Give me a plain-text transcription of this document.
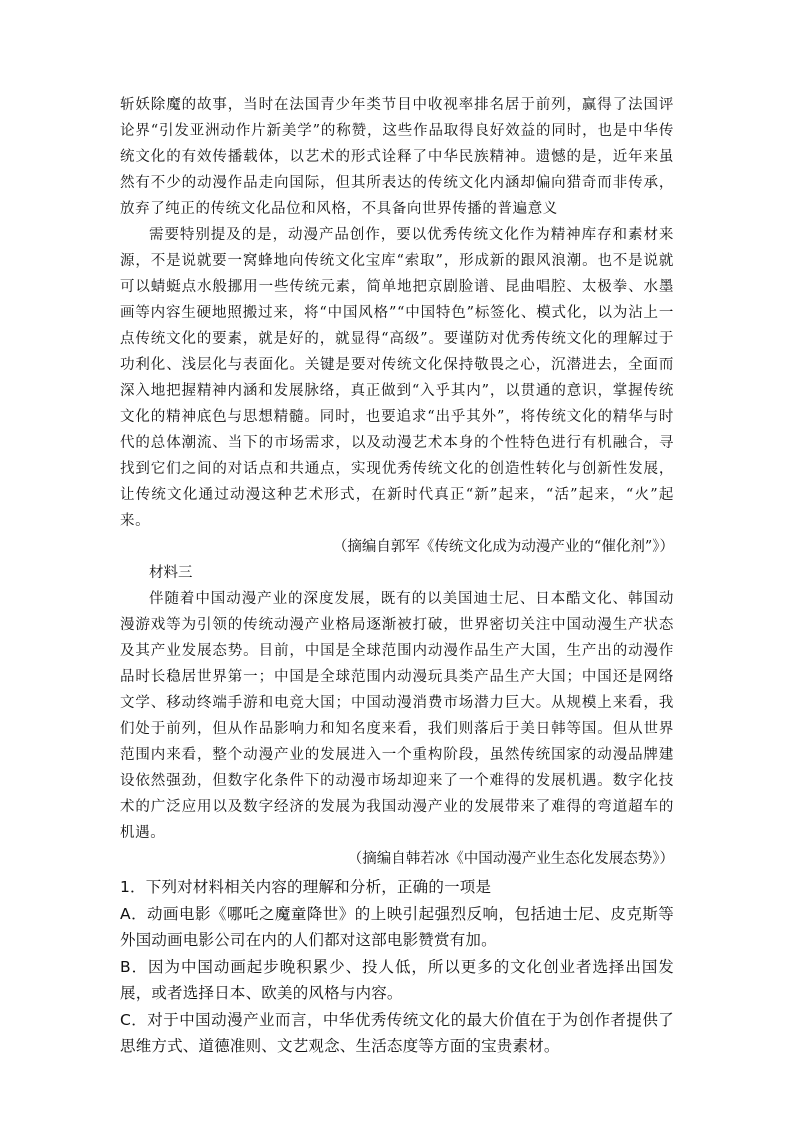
斩妖除魔的故事，当时在法国青少年类节目中收视率排名居于前列，赢得了法国评论界“引发亚洲动作片新美学”的称赞，这些作品取得良好效益的同时，也是中华传统文化的有效传播载体，以艺术的形式诠释了中华民族精神。遗憾的是，近年来虽然有不少的动漫作品走向国际，但其所表达的传统文化内涵却偏向猎奇而非传承，放弃了纯正的传统文化品位和风格，不具备向世界传播的普遍意义

需要特别提及的是，动漫产品创作，要以优秀传统文化作为精神库存和素材来源，不是说就要一窝蜂地向传统文化宝库“索取”，形成新的跟风浪潮。也不是说就可以蜻蜓点水般挪用一些传统元素，简单地把京剧脸谱、昆曲唱腔、太极拳、水墨画等内容生硬地照搬过来，将“中国风格”“中国特色”标签化、模式化，以为沾上一点传统文化的要素，就是好的，就显得“高级”。要谨防对优秀传统文化的理解过于功利化、浅层化与表面化。关键是要对传统文化保持敬畏之心，沉潜进去，全面而深入地把握精神内涵和发展脉络，真正做到“入乎其内”，以贯通的意识，掌握传统文化的精神底色与思想精髓。同时，也要追求“出乎其外”，将传统文化的精华与时代的总体潮流、当下的市场需求，以及动漫艺术本身的个性特色进行有机融合，寻找到它们之间的对话点和共通点，实现优秀传统文化的创造性转化与创新性发展，让传统文化通过动漫这种艺术形式，在新时代真正“新”起来，“活”起来，“火”起来。

（摘编自郭军《传统文化成为动漫产业的“催化剂”》）

材料三

伴随着中国动漫产业的深度发展，既有的以美国迪士尼、日本酷文化、韩国动漫游戏等为引领的传统动漫产业格局逐渐被打破，世界密切关注中国动漫生产状态及其产业发展态势。目前，中国是全球范围内动漫作品生产大国，生产出的动漫作品时长稳居世界第一；中国是全球范围内动漫玩具类产品生产大国；中国还是网络文学、移动终端手游和电竞大国；中国动漫消费市场潜力巨大。从规模上来看，我们处于前列，但从作品影响力和知名度来看，我们则落后于美日韩等国。但从世界范围内来看，整个动漫产业的发展进入一个重构阶段，虽然传统国家的动漫品牌建设依然强劲，但数字化条件下的动漫市场却迎来了一个难得的发展机遇。数字化技术的广泛应用以及数字经济的发展为我国动漫产业的发展带来了难得的弯道超车的机遇。

（摘编自韩若冰《中国动漫产业生态化发展态势》）

1．下列对材料相关内容的理解和分析，正确的一项是

A．动画电影《哪吒之魔童降世》的上映引起强烈反响，包括迪士尼、皮克斯等外国动画电影公司在内的人们都对这部电影赞赏有加。

B．因为中国动画起步晚积累少、投人低，所以更多的文化创业者选择出国发展，或者选择日本、欧美的风格与内容。

C．对于中国动漫产业而言，中华优秀传统文化的最大价值在于为创作者提供了思维方式、道德准则、文艺观念、生活态度等方面的宝贵素材。
